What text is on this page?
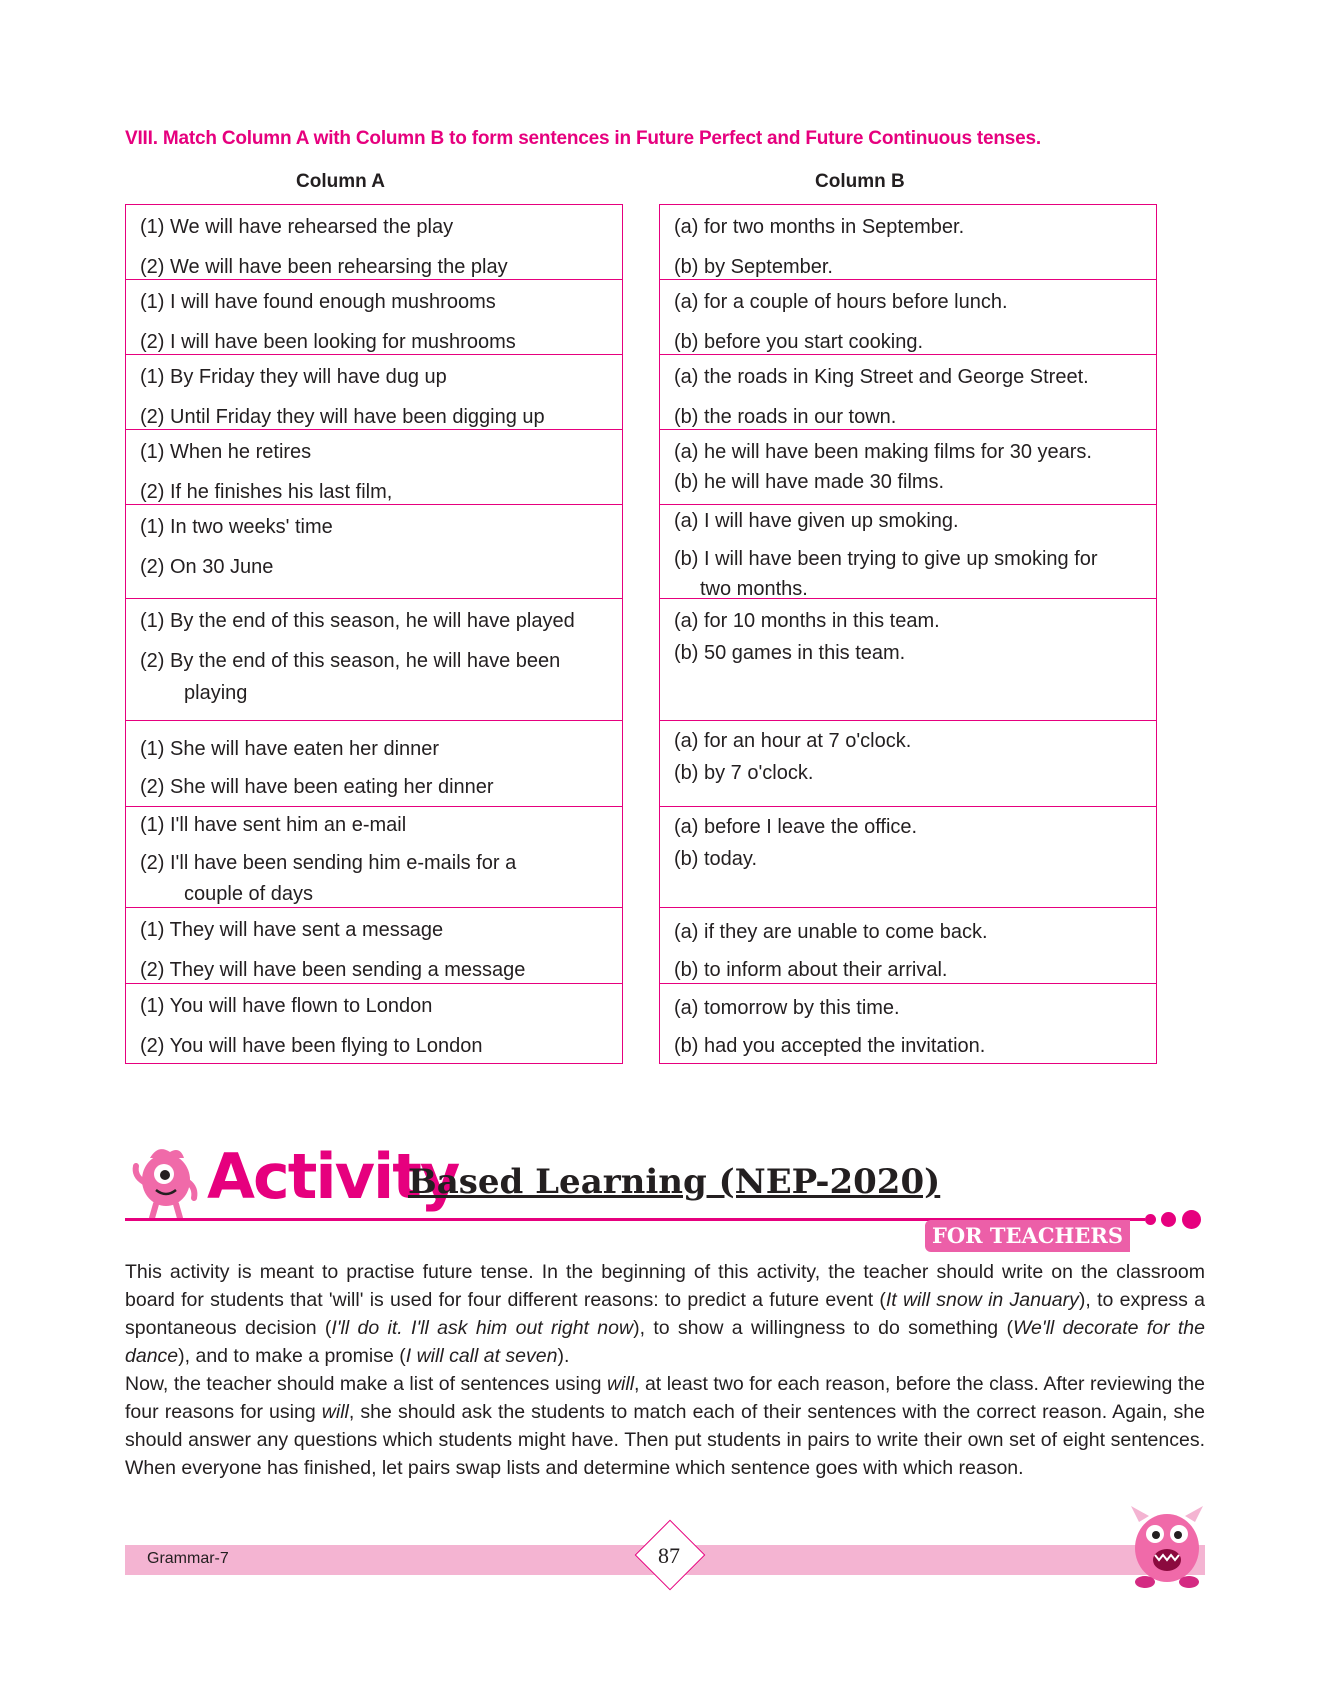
VIII. Match Column A with Column B to form sentences in Future Perfect and Future Continuous tenses.
Column A	Column B
(1) We will have rehearsed the play
(2) We will have been rehearsing the play
(1) I will have found enough mushrooms
(2) I will have been looking for mushrooms
(1) By Friday they will have dug up
(2) Until Friday they will have been digging up
(1) When he retires
(2) If he finishes his last film,
(1) In two weeks' time
(2) On 30 June
(1) By the end of this season, he will have played
(2) By the end of this season, he will have been
playing
(1) She will have eaten her dinner
(2) She will have been eating her dinner
(1) I'll have sent him an e-mail
(2) I'll have been sending him e-mails for a
couple of days
(1) They will have sent a message
(2) They will have been sending a message
(1) You will have flown to London
(2) You will have been flying to London
(a) for two months in September.
(b) by September.
(a) for a couple of hours before lunch.
(b) before you start cooking.
(a) the roads in King Street and George Street.
(b) the roads in our town.
(a) he will have been making films for 30 years.
(b) he will have made 30 films.
(a) I will have given up smoking.
(b) I will have been trying to give up smoking for
two months.
(a) for 10 months in this team.
(b) 50 games in this team.
(a) for an hour at 7 o'clock.
(b) by 7 o'clock.
(a) before I leave the office.
(b) today.
(a) if they are unable to come back.
(b) to inform about their arrival.
(a) tomorrow by this time.
(b) had you accepted the invitation.
Activity
Based Learning (NEP-2020)
FOR TEACHERS
This activity is meant to practise future tense. In the beginning of this activity, the teacher should write on the classroom board for students that 'will' is used for four different reasons: to predict a future event (It will snow in January), to express a spontaneous decision (I'll do it. I'll ask him out right now), to show a willingness to do something (We'll decorate for the dance), and to make a promise (I will call at seven).
Now, the teacher should make a list of sentences using will, at least two for each reason, before the class. After reviewing the four reasons for using will, she should ask the students to match each of their sentences with the correct reason. Again, she should answer any questions which students might have. Then put students in pairs to write their own set of eight sentences. When everyone has finished, let pairs swap lists and determine which sentence goes with which reason.
Grammar-7	87
